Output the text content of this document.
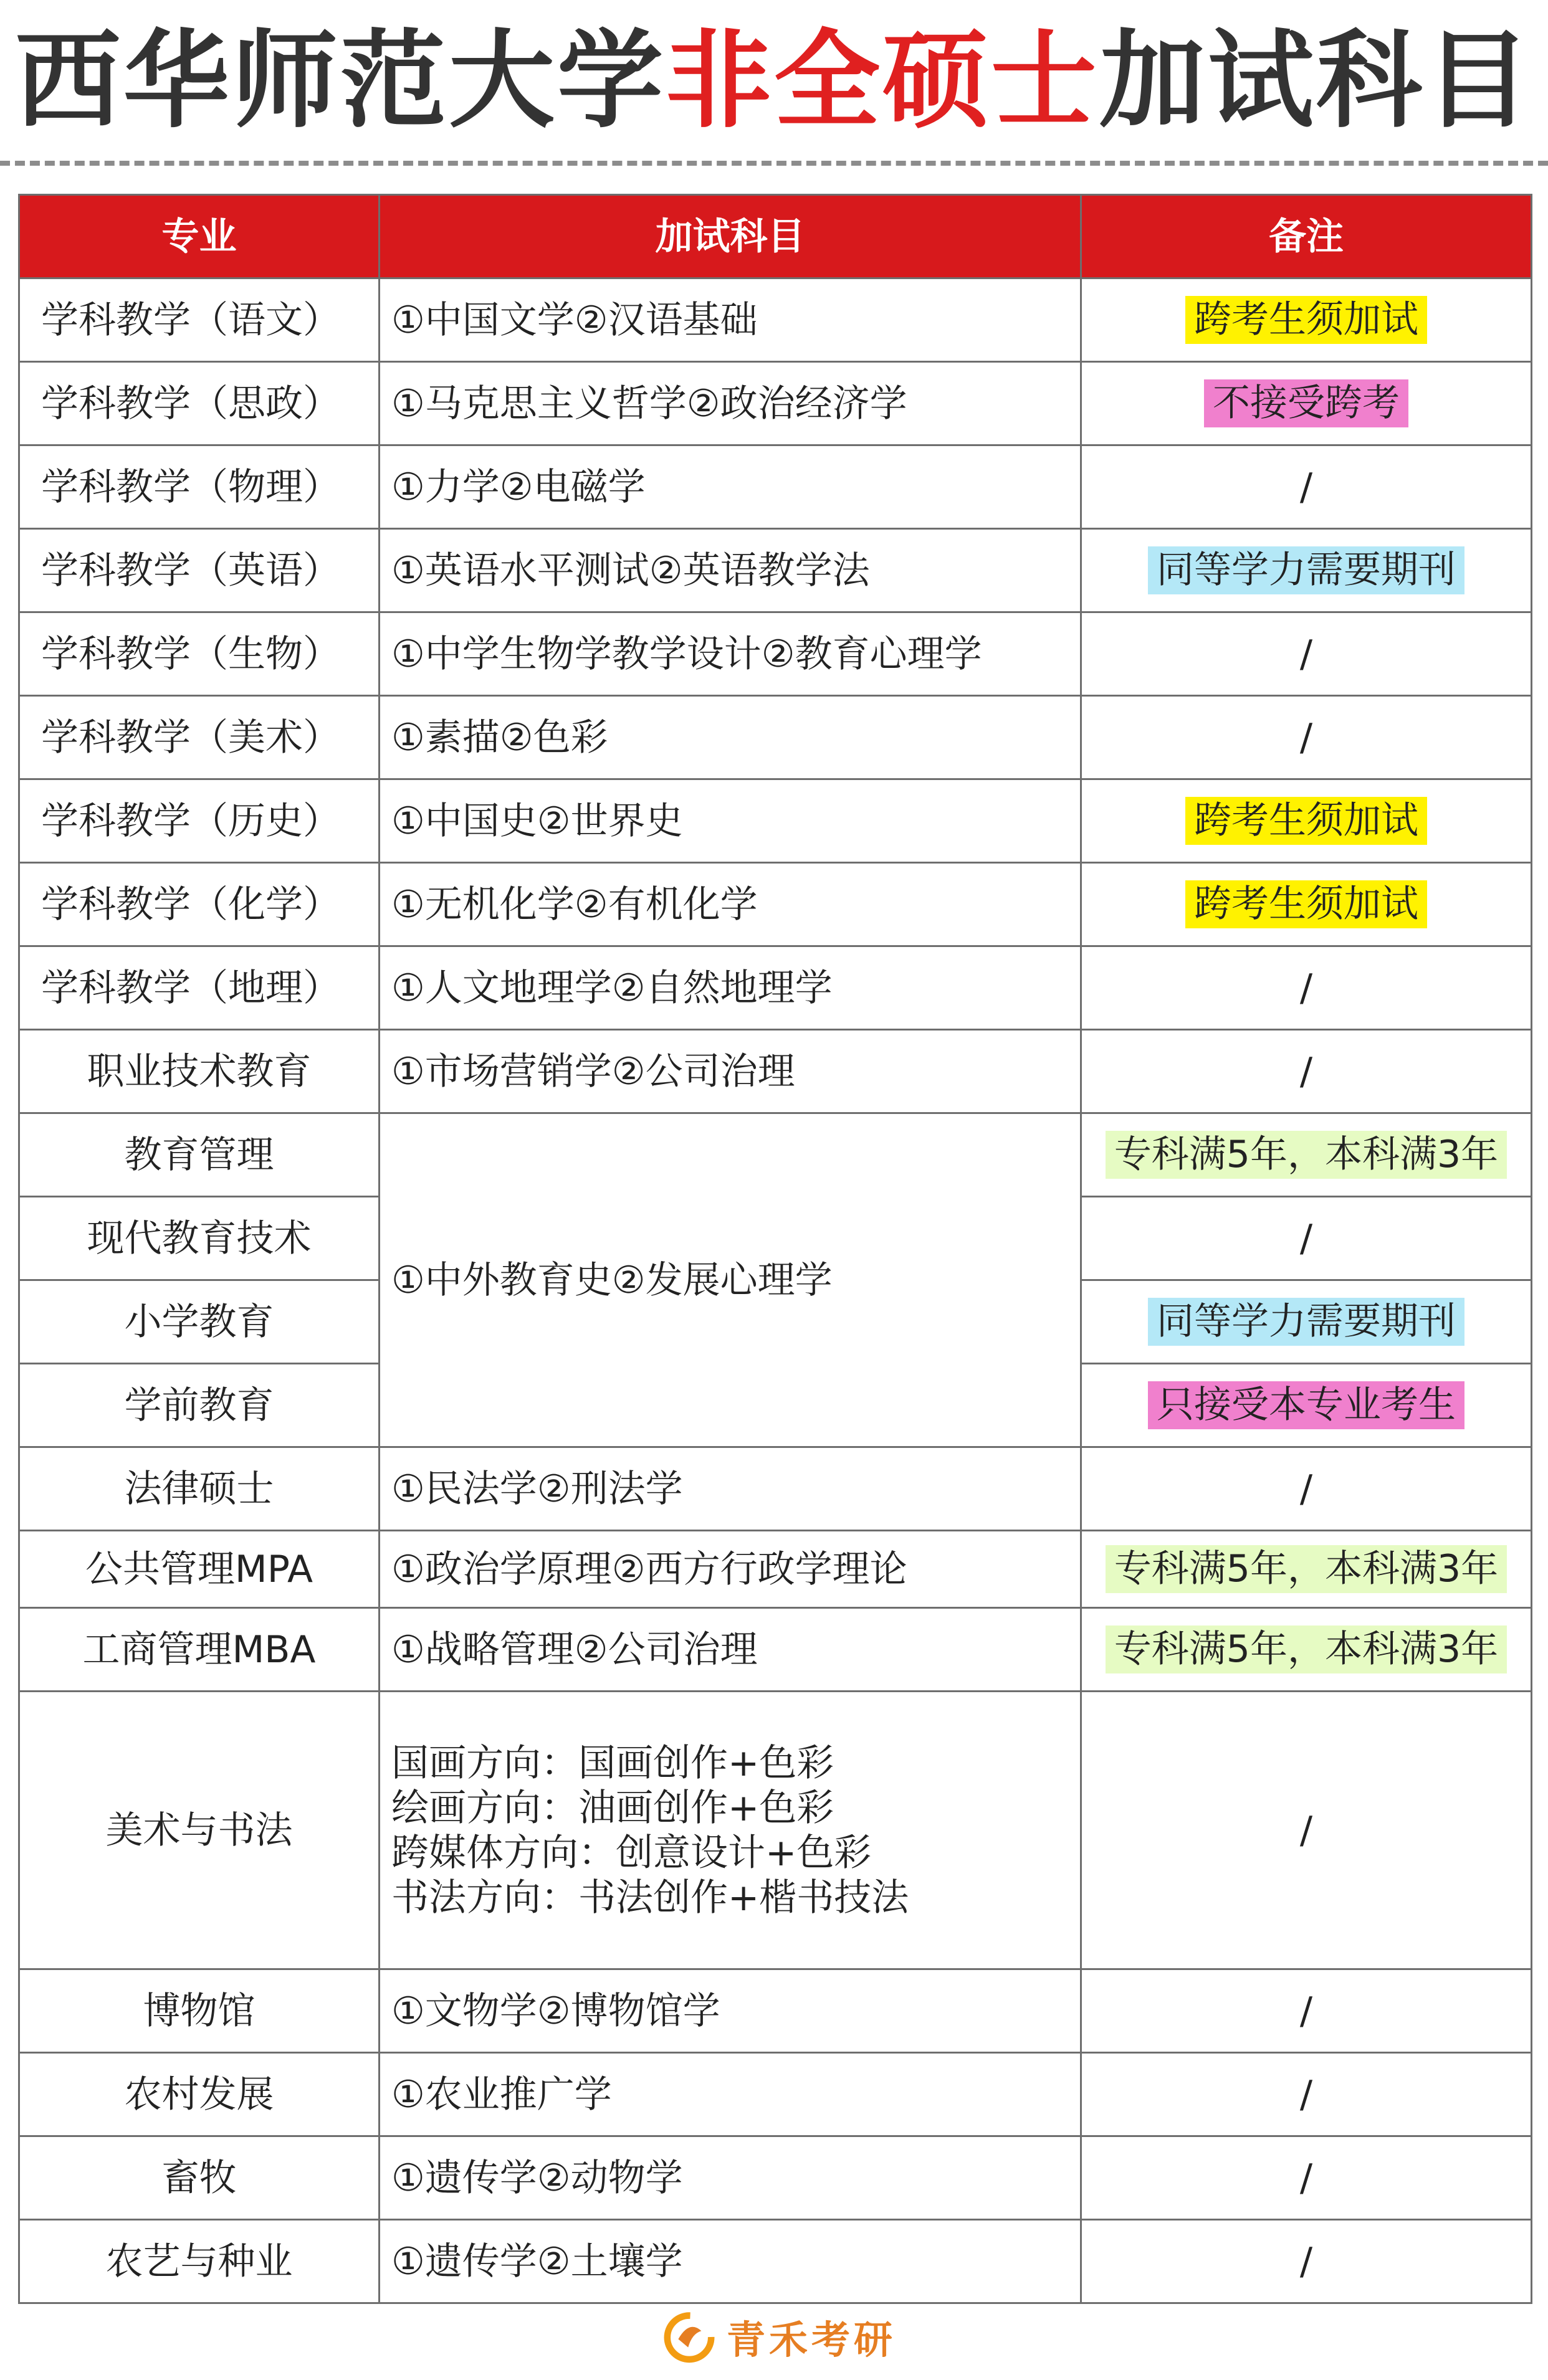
西华师范大学非全硕士加试科目
专业	加试科目	备注
学科教学（语文）	①中国文学②汉语基础	跨考生须加试
学科教学（思政）	①马克思主义哲学②政治经济学	不接受跨考
学科教学（物理）	①力学②电磁学	/
学科教学（英语）	①英语水平测试②英语教学法	同等学力需要期刊
学科教学（生物）	①中学生物学教学设计②教育心理学	/
学科教学（美术）	①素描②色彩	/
学科教学（历史）	①中国史②世界史	跨考生须加试
学科教学（化学）	①无机化学②有机化学	跨考生须加试
学科教学（地理）	①人文地理学②自然地理学	/
职业技术教育	①市场营销学②公司治理	/
教育管理	①中外教育史②发展心理学	专科满5年，本科满3年
现代教育技术		/
小学教育		同等学力需要期刊
学前教育		只接受本专业考生
法律硕士	①民法学②刑法学	/
公共管理MPA	①政治学原理②西方行政学理论	专科满5年，本科满3年
工商管理MBA	①战略管理②公司治理	专科满5年，本科满3年
美术与书法	国画方向：国画创作+色彩
绘画方向：油画创作+色彩
跨媒体方向：创意设计+色彩
书法方向：书法创作+楷书技法	/
博物馆	①文物学②博物馆学	/
农村发展	①农业推广学	/
畜牧	①遗传学②动物学	/
农艺与种业	①遗传学②土壤学	/
青禾考研
